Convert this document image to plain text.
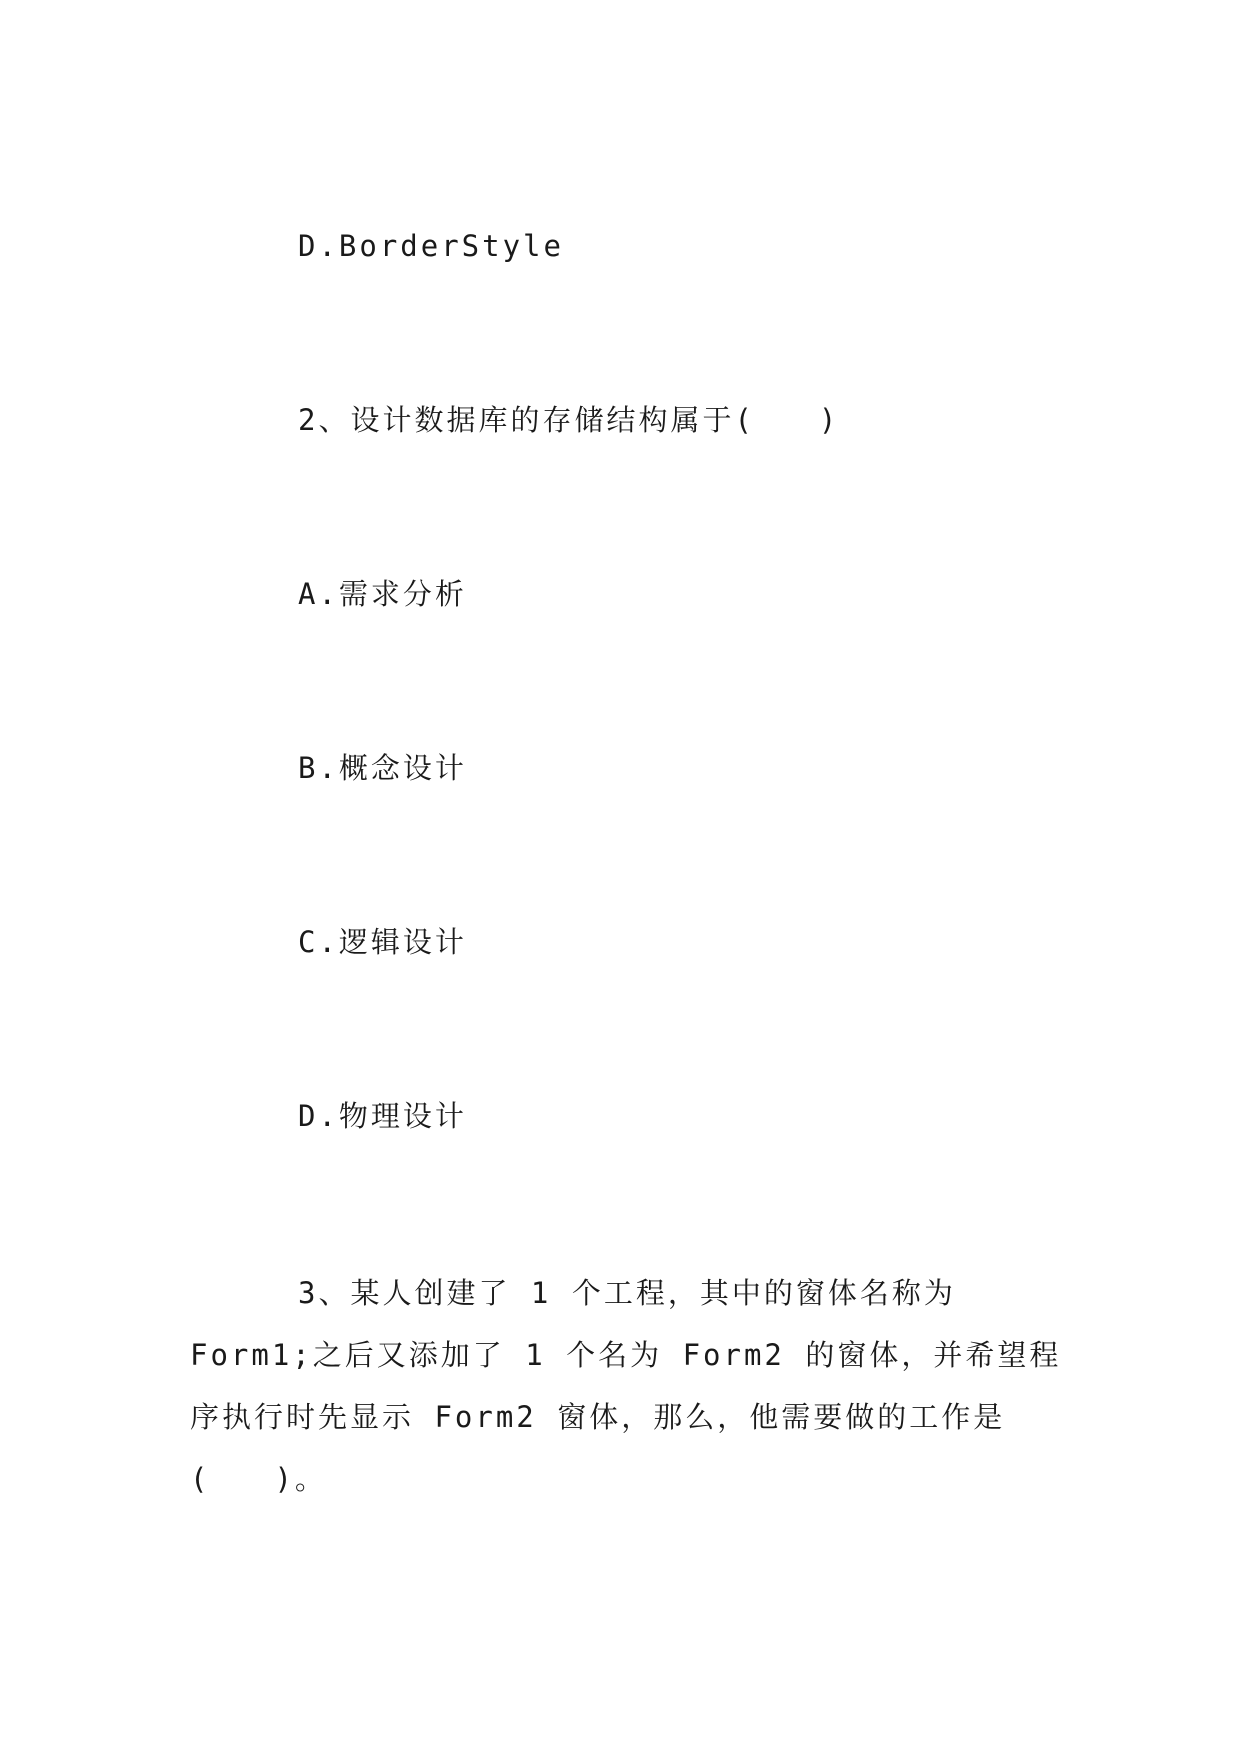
D.BorderStyle
2、设计数据库的存储结构属于(　　)
A.需求分析
B.概念设计
C.逻辑设计
D.物理设计
3、某人创建了 1 个工程，其中的窗体名称为 Form1;之后又添加了 1 个名为 Form2 的窗体，并希望程序执行时先显示 Form2 窗体，那么，他需要做的工作是(　　)。
